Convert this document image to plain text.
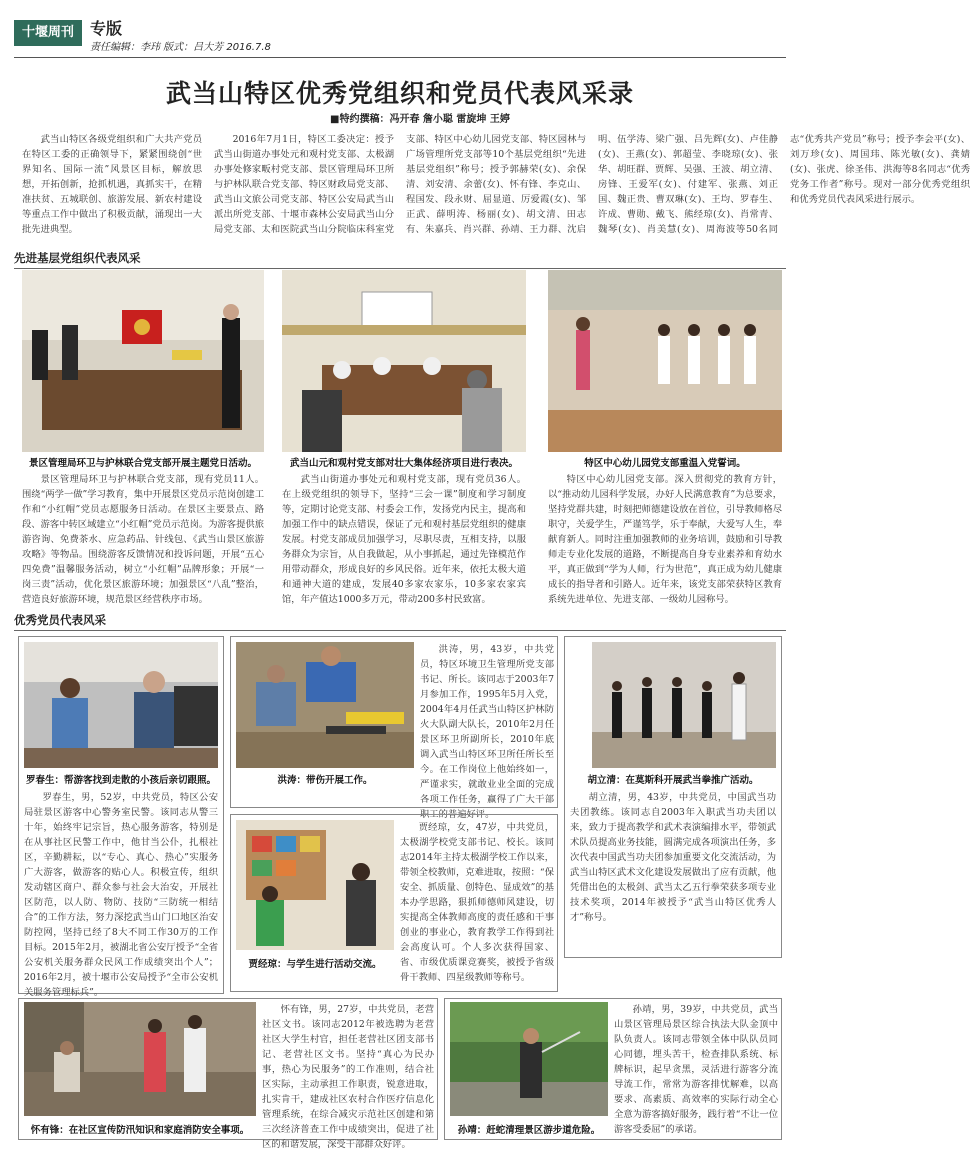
十堰周刊	专版
责任编辑：李玮 版式：吕大芳 2016.7.8
武当山特区优秀党组织和党员代表风采录
■特约撰稿：冯开春 詹小聪 雷旋坤 王婷

武当山特区各级党组织和广大共产党员在特区工委的正确领导下，紧紧围绕创“世界知名、国际一流”风景区目标，解放思想，开拓创新，抢抓机遇，真抓实干，在精准扶贫、五城联创、旅游发展、新农村建设等重点工作中做出了积极贡献，涌现出一大批先进典型。

2016年7月1日，特区工委决定：授予武当山街道办事处元和观村党支部、太极湖办事处修家畈村党支部、景区管理局环卫所与护林队联合党支部、特区财政局党支部、武当山文旅公司党支部、特区公安局武当山派出所党支部、十堰市森林公安局武当山分局党支部、太和医院武当山分院临床科室党支部、特区中心幼儿园党支部、特区园林与广场管理所党支部等10个基层党组织“先进基层党组织”称号；授予郭赫荣(女)、余保清、刘安清、余蕾(女)、怀有锋、李克山、程国发、段永财、屈显道、厉爱霞(女)、邹正武、薛明涛、杨丽(女)、胡文清、田志有、朱嘉兵、肖兴群、孙靖、王力群、沈启明、伍学涛、梁广强、吕先辉(女)、卢佳静(女)、王燕(女)、郭超莹、李晓琼(女)、张华、胡旺群、贾辉、吴强、王波、胡立清、房锋、王爱军(女)、付建军、张燕、刘正国、魏正贵、曹双琳(女)、王均、罗春生、许成、曹勋、戴飞、熊经琼(女)、肖常青、魏琴(女)、肖美慧(女)、周海波等50名同志“优秀共产党员”称号；授予李会平(女)、刘万珍(女)、周国玮、陈光敏(女)、龚婧(女)、张虎、徐圣伟、洪海等8名同志“优秀党务工作者”称号。现对一部分优秀党组织和优秀党员代表风采进行展示。

先进基层党组织代表风采
景区管理局环卫与护林联合党支部开展主题党日活动。	武当山元和观村党支部对壮大集体经济项目进行表决。	特区中心幼儿园党支部重温入党誓词。

景区管理局环卫与护林联合党支部，现有党员11人。围绕“两学一做”学习教育，集中开展景区党员示范岗创建工作和“小红帽”党员志愿服务日活动。在景区主要景点、路段、游客中转区域建立“小红帽”党员示范岗。为游客提供旅游咨询、免费茶水、应急药品、针线包、《武当山景区旅游攻略》等物品。围绕游客反馈情况和投诉问题，开展“五心四免费”温馨服务活动，树立“小红帽”品牌形象；开展“一岗三责”活动，优化景区旅游环境；加强景区“八乱”整治，营造良好旅游环境，规范景区经营秩序市场。

武当山街道办事处元和观村党支部，现有党员36人。在上级党组织的领导下，坚持“三会一课”制度和学习制度等，定期讨论党支部、村委会工作，发扬党内民主，提高和加强工作中的缺点错误，保证了元和观村基层党组织的健康发展。村党支部成员加强学习，尽职尽责，互相支持，以服务群众为宗旨，从自我做起，从小事抓起，通过先锋模范作用带动群众，形成良好的乡风民俗。近年来，依托太极大道和通神大道的建成，发展40多家农家乐，10多家农家宾馆，年产值达1000多万元，带动200多村民致富。

特区中心幼儿园党支部。深入贯彻党的教育方针，以“推动幼儿园科学发展，办好人民满意教育”为总要求，坚持党群共建，时刻把师德建设放在首位，引导教师格尽职守，关爱学生，严谨笃学，乐于奉献，大爱写人生，奉献育新人。同时注重加强教师的业务培训，鼓励和引导教师走专业化发展的道路，不断提高自身专业素养和育幼水平，真正做到“学为人师，行为世范”，真正成为幼儿健康成长的指导者和引路人。近年来，该党支部荣获特区教育系统先进单位、先进支部、一级幼儿园称号。

优秀党员代表风采
罗春生：帮游客找到走散的小孩后亲切跟照。

罗春生，男，52岁，中共党员，特区公安局驻景区游客中心警务室民警。该同志从警三十年，始终牢记宗旨，热心服务游客，特别是在从事社区民警工作中，他甘当公仆，扎根社区，辛勤耕耘，以“专心、真心、热心”实服务广大游客，做游客的贴心人。积极宣传，组织发动辖区商户、群众参与社会大治安，开展社区防范，以人防、物防、技防“三防统一相结合”的工作方法，努力深挖武当山门口地区治安防控网，坚持已经了8大不同工作30万的工作目标。2015年2月，被湖北省公安厅授予“全省公安机关服务群众民风工作成绩突出个人”；2016年2月，被十堰市公安局授予“全市公安机关服务管理标兵”。

洪涛：带伤开展工作。

洪涛，男，43岁，中共党员，特区环境卫生管理所党支部书记、所长。该同志于2003年7月参加工作，1995年5月入党，2004年4月任武当山特区护林防火大队副大队长，2010年2月任景区环卫所副所长，2010年底调入武当山特区环卫所任所长至今。在工作岗位上他始终如一，严谨求实，就敢业业全面的完成各项工作任务，赢得了广大干部职工的普遍好评。

胡立清：在莫斯科开展武当拳推广活动。

胡立清，男，43岁，中共党员，中国武当功夫团教练。该同志自2003年入职武当功夫团以来，致力于提高教学和武术表演编排水平，带领武术队员提高业务技能，圆满完成各项演出任务，多次代表中国武当功夫团参加重要文化交流活动，为武当山特区武术文化建设发展做出了应有贡献，他凭借出色的太极剑、武当太乙五行拳荣获多项专业技术奖项，2014年被授予“武当山特区优秀人才”称号。

贾经琼：与学生进行活动交流。

贾经琼，女，47岁，中共党员，太极湖学校党支部书记、校长。该同志2014年主持太极湖学校工作以来，带领全校教师，克难进取，按照：“保安全、抓质量、创特色、显成效”的基本办学思路，狠抓师德师风建设，切实提高全体教师高度的责任感和干事创业的事业心，教育教学工作得到社会高度认可。个人多次获得国家、省、市级优质课竞赛奖，被授予省级骨干教师、四星级教师等称号。

怀有锋：在社区宣传防汛知识和家庭消防安全事项。

怀有锋，男，27岁，中共党员，老营社区文书。该同志2012年被选聘为老营社区大学生村官，担任老营社区团支部书记、老营社区文书。坚持“真心为民办事，热心为民服务”的工作准则，结合社区实际，主动承担工作职责，锐意进取，扎实肯干，建成社区农村合作医疗信息化管理系统，在综合减灾示范社区创建和第三次经济普查工作中成绩突出，促进了社区的和谐发展，深受干部群众好评。

孙靖：赶蛇清理景区游步道危险。

孙靖，男，39岁，中共党员，武当山景区管理局景区综合执法大队金顶中队负责人。该同志带领全体中队队员同心同德，埋头苦干，检查排队系统、标牌标识，起早贪黑，灵活进行游客分流导流工作，常常为游客排忧解难，以高要求、高素质、高效率的实际行动全心全意为游客搞好服务，践行着“不让一位游客受委屈”的承诺。
